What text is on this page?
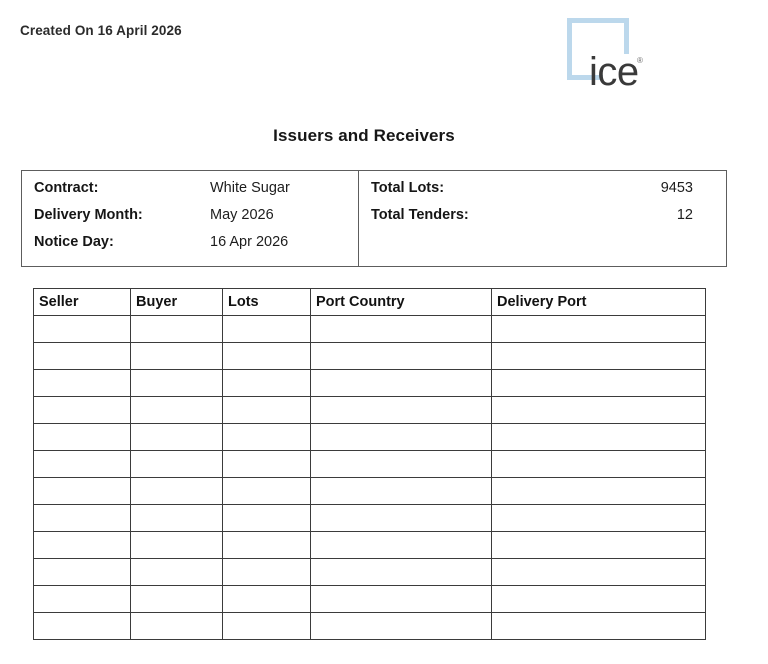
Created On 16 April 2026
ice
®
Issuers and Receivers
Contract:	White Sugar
Delivery Month:	May 2026
Notice Day:	16 Apr 2026
Total Lots:	9453
Total Tenders:	12
Seller	Buyer	Lots	Port Country	Delivery Port
